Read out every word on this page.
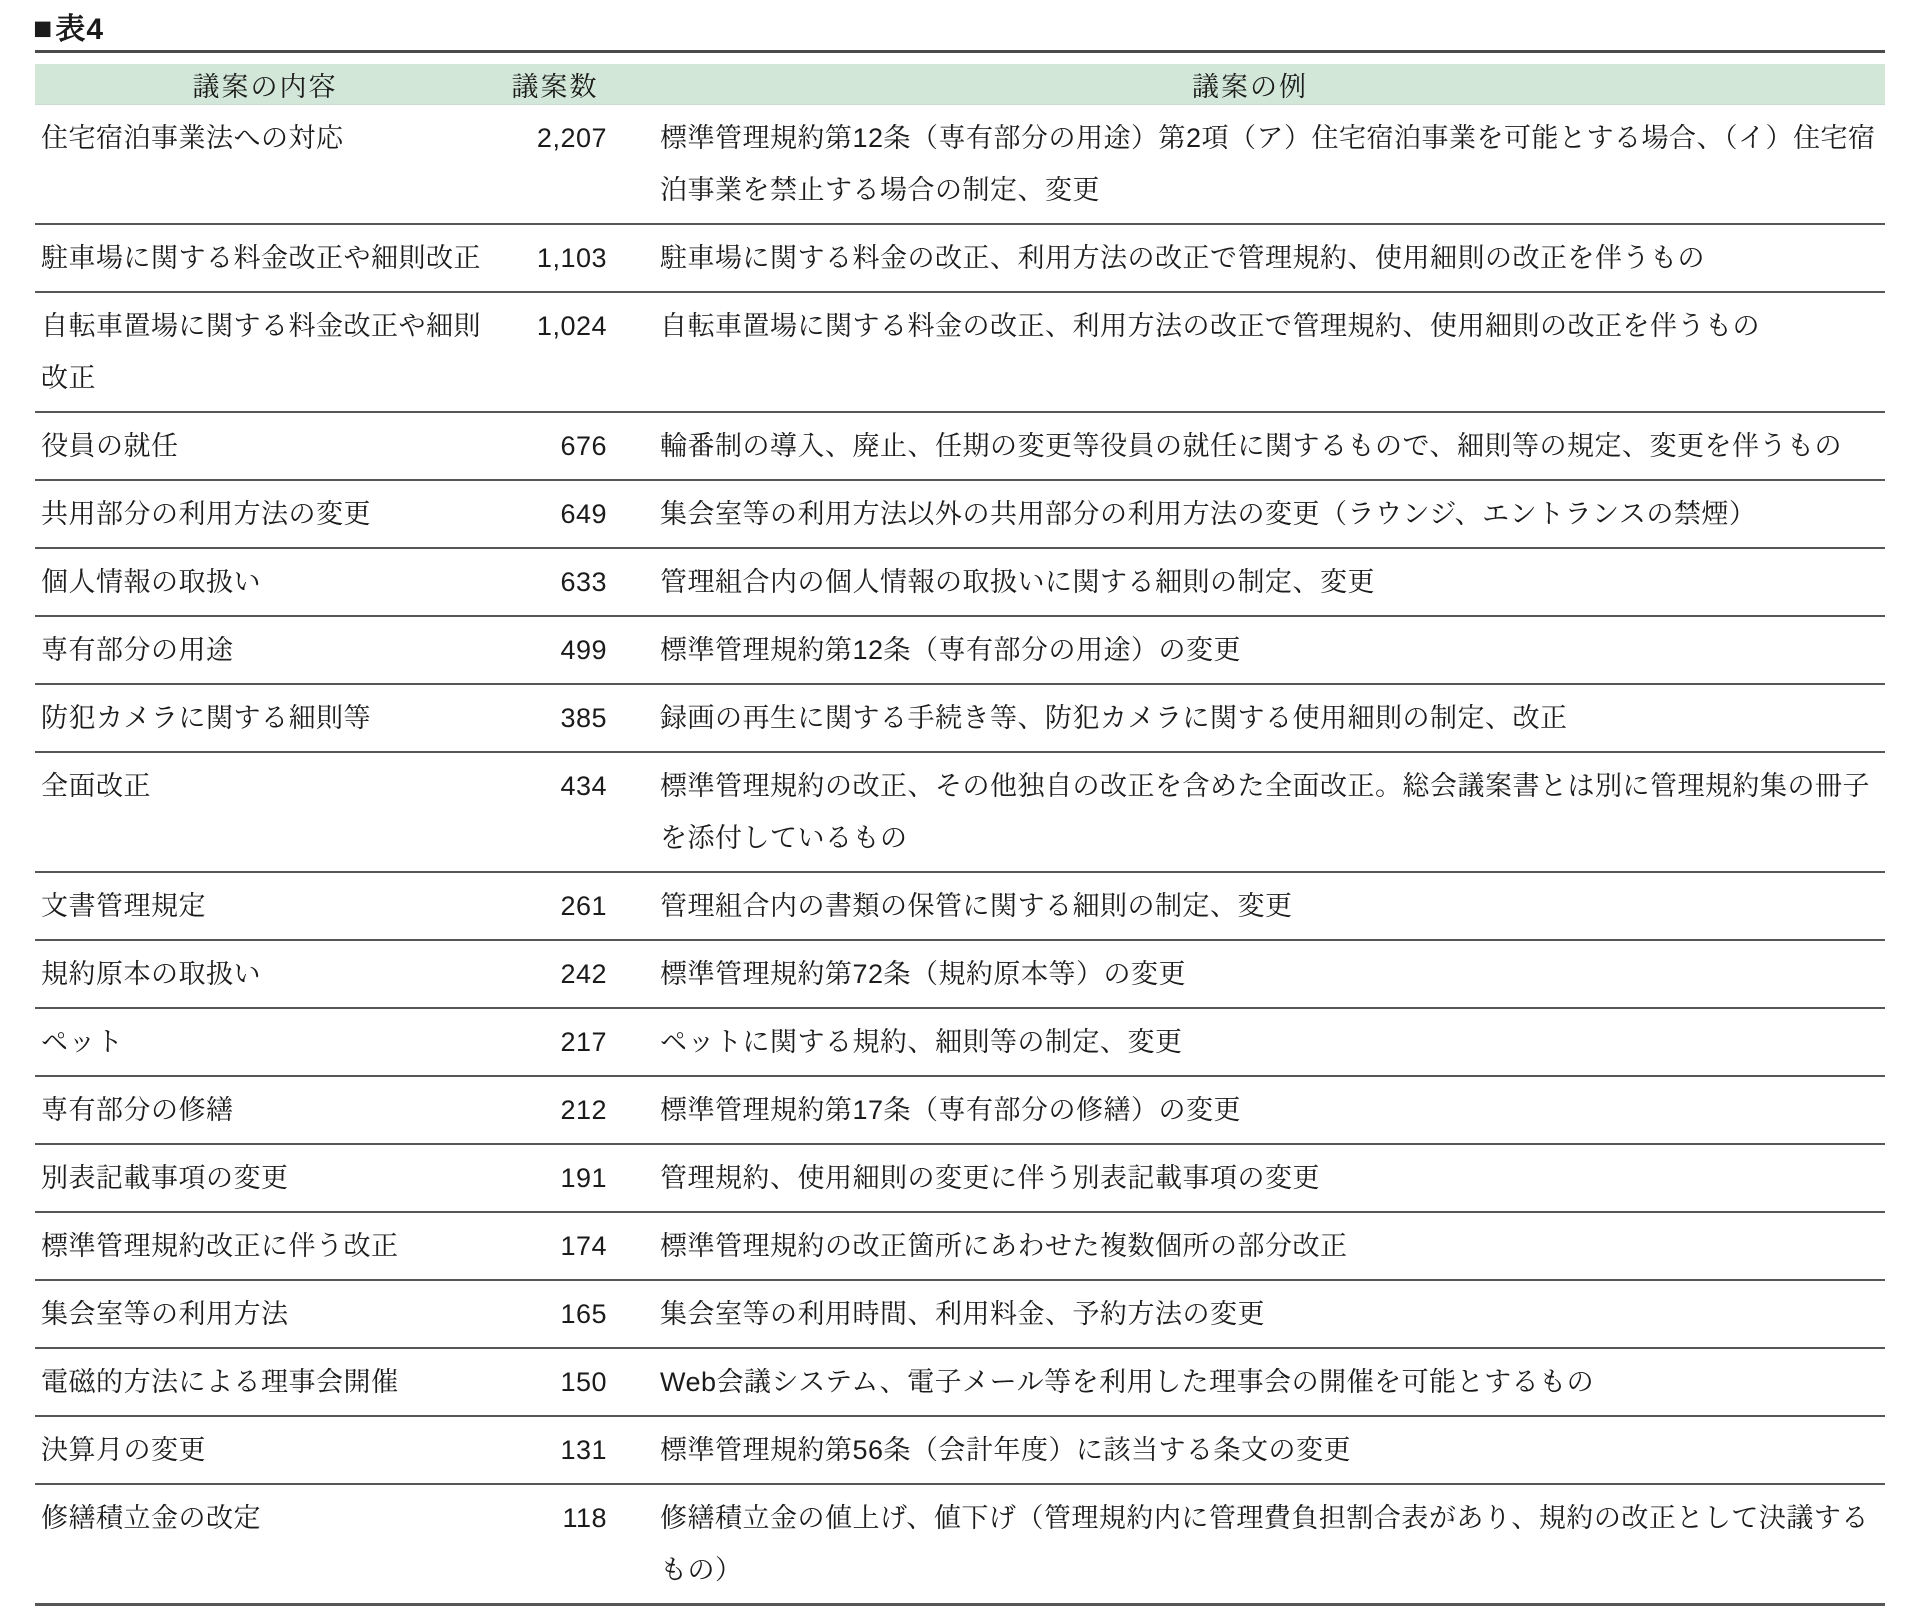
■表4
議案の内容	議案数	議案の例
住宅宿泊事業法への対応	2,207	標準管理規約第12条（専有部分の用途）第2項（ア）住宅宿泊事業を可能とする場合、（イ）住宅宿泊事業を禁止する場合の制定、変更
駐車場に関する料金改正や細則改正	1,103	駐車場に関する料金の改正、利用方法の改正で管理規約、使用細則の改正を伴うもの
自転車置場に関する料金改正や細則改正	1,024	自転車置場に関する料金の改正、利用方法の改正で管理規約、使用細則の改正を伴うもの
役員の就任	676	輪番制の導入、廃止、任期の変更等役員の就任に関するもので、細則等の規定、変更を伴うもの
共用部分の利用方法の変更	649	集会室等の利用方法以外の共用部分の利用方法の変更（ラウンジ、エントランスの禁煙）
個人情報の取扱い	633	管理組合内の個人情報の取扱いに関する細則の制定、変更
専有部分の用途	499	標準管理規約第12条（専有部分の用途）の変更
防犯カメラに関する細則等	385	録画の再生に関する手続き等、防犯カメラに関する使用細則の制定、改正
全面改正	434	標準管理規約の改正、その他独自の改正を含めた全面改正。総会議案書とは別に管理規約集の冊子を添付しているもの
文書管理規定	261	管理組合内の書類の保管に関する細則の制定、変更
規約原本の取扱い	242	標準管理規約第72条（規約原本等）の変更
ペット	217	ペットに関する規約、細則等の制定、変更
専有部分の修繕	212	標準管理規約第17条（専有部分の修繕）の変更
別表記載事項の変更	191	管理規約、使用細則の変更に伴う別表記載事項の変更
標準管理規約改正に伴う改正	174	標準管理規約の改正箇所にあわせた複数個所の部分改正
集会室等の利用方法	165	集会室等の利用時間、利用料金、予約方法の変更
電磁的方法による理事会開催	150	Web会議システム、電子メール等を利用した理事会の開催を可能とするもの
決算月の変更	131	標準管理規約第56条（会計年度）に該当する条文の変更
修繕積立金の改定	118	修繕積立金の値上げ、値下げ（管理規約内に管理費負担割合表があり、規約の改正として決議するもの）
